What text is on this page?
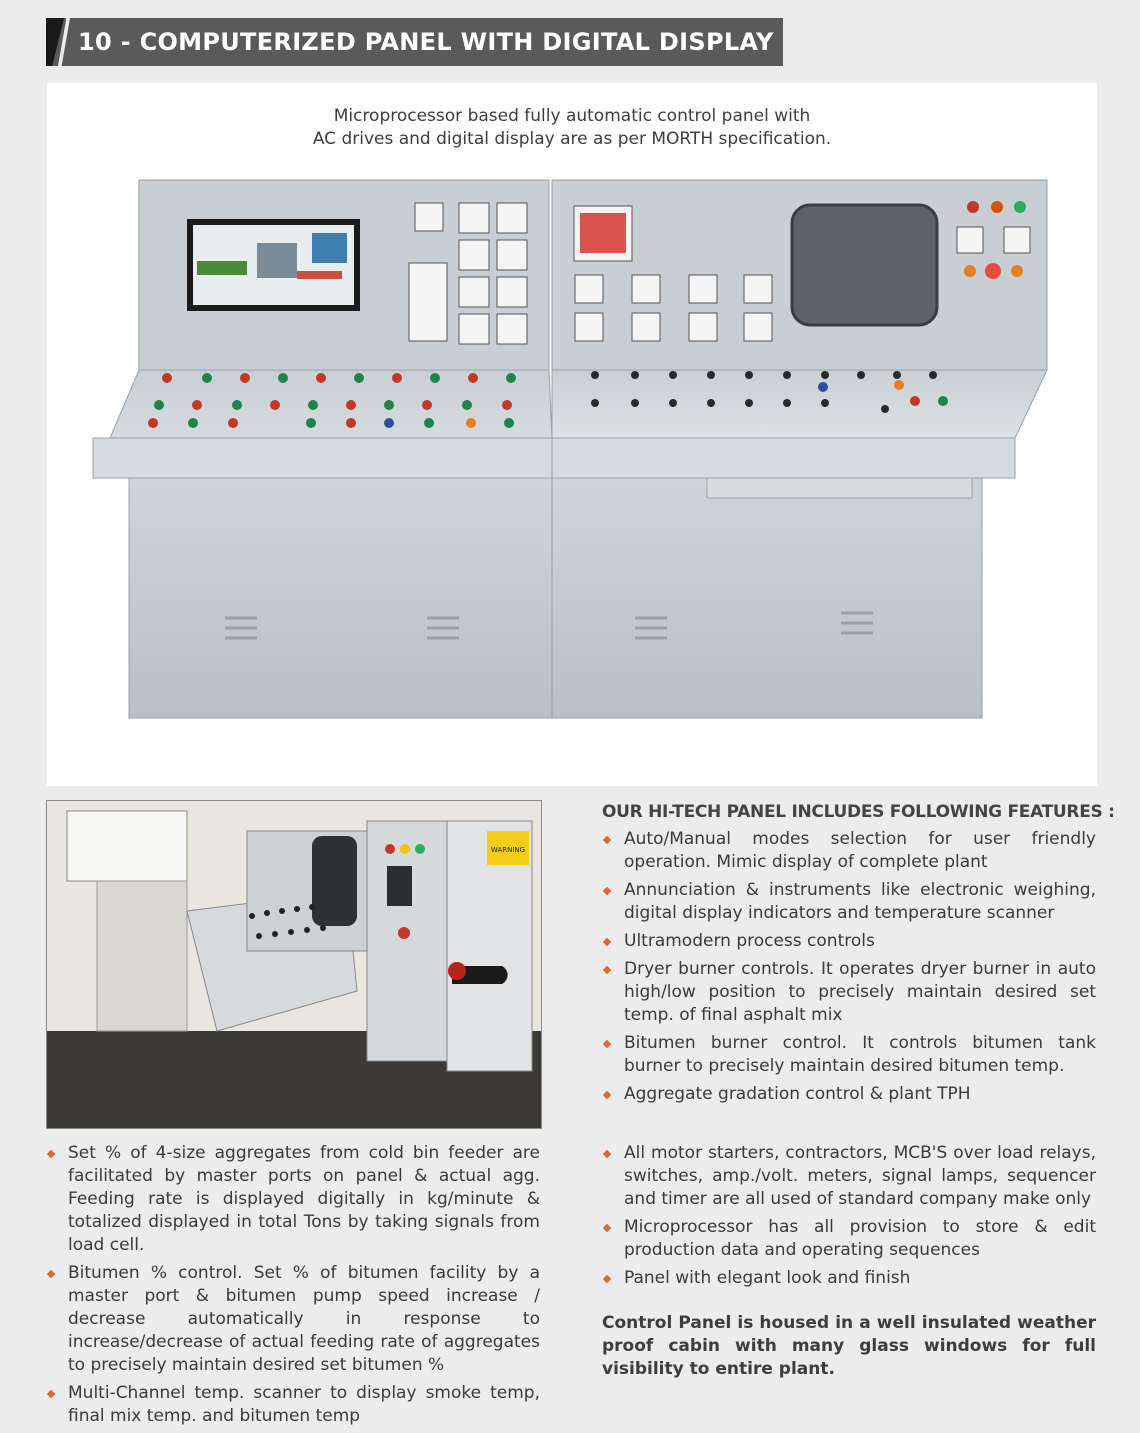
10 - COMPUTERIZED PANEL WITH DIGITAL DISPLAY
Microprocessor based fully automatic control panel with
AC drives and digital display are as per MORTH specification.
WARNING
OUR HI-TECH PANEL INCLUDES FOLLOWING FEATURES :
Auto/Manual modes selection for user friendly operation. Mimic display of complete plant
Annunciation & instruments like electronic weighing, digital display indicators and temperature scanner
Ultramodern process controls
Dryer burner controls. It operates dryer burner in auto high/low position to precisely maintain desired set temp. of final asphalt mix
Bitumen burner control. It controls bitumen tank burner to precisely maintain desired bitumen temp.
Aggregate gradation control & plant TPH
Set % of 4-size aggregates from cold bin feeder are facilitated by master ports on panel & actual agg. Feeding rate is displayed digitally in kg/minute & totalized displayed in total Tons by taking signals from load cell.
Bitumen % control. Set % of bitumen facility by a master port & bitumen pump speed increase / decrease automatically in response to increase/decrease of actual feeding rate of aggregates to precisely maintain desired set bitumen %
Multi-Channel temp. scanner to display smoke temp, final mix temp. and bitumen temp
All motor starters, contractors, MCB'S over load relays, switches, amp./volt. meters, signal lamps, sequencer and timer are all used of standard company make only
Microprocessor has all provision to store & edit production data and operating sequences
Panel with elegant look and finish
Control Panel is housed in a well insulated weather proof cabin with many glass windows for full visibility to entire plant.
